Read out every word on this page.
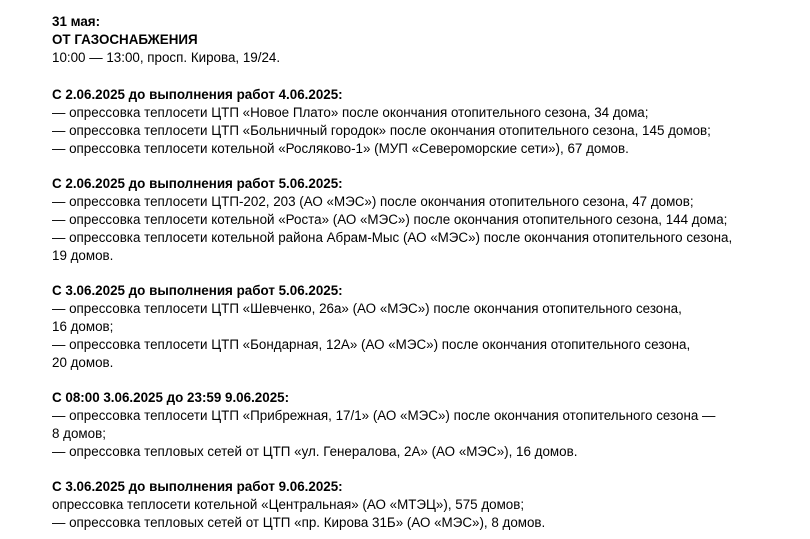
31 мая:
ОТ ГАЗОСНАБЖЕНИЯ
10:00 — 13:00, просп. Кирова, 19/24.
С 2.06.2025 до выполнения работ 4.06.2025:
— опрессовка теплосети ЦТП «Новое Плато» после окончания отопительного сезона, 34 дома;
— опрессовка теплосети ЦТП «Больничный городок» после окончания отопительного сезона, 145 домов;
— опрессовка теплосети котельной «Росляково-1» (МУП «Североморские сети»), 67 домов.
С 2.06.2025 до выполнения работ 5.06.2025:
— опрессовка теплосети ЦТП-202, 203 (АО «МЭС») после окончания отопительного сезона, 47 домов;
— опрессовка теплосети котельной «Роста» (АО «МЭС») после окончания отопительного сезона, 144 дома;
— опрессовка теплосети котельной района Абрам-Мыс (АО «МЭС») после окончания отопительного сезона,
19 домов.
С 3.06.2025 до выполнения работ 5.06.2025:
— опрессовка теплосети ЦТП «Шевченко, 26а» (АО «МЭС») после окончания отопительного сезона,
16 домов;
— опрессовка теплосети ЦТП «Бондарная, 12А» (АО «МЭС») после окончания отопительного сезона,
20 домов.
С 08:00 3.06.2025 до 23:59 9.06.2025:
— опрессовка теплосети ЦТП «Прибрежная, 17/1» (АО «МЭС») после окончания отопительного сезона —
8 домов;
— опрессовка тепловых сетей от ЦТП «ул. Генералова, 2А» (АО «МЭС»), 16 домов.
С 3.06.2025 до выполнения работ 9.06.2025:
опрессовка теплосети котельной «Центральная» (АО «МТЭЦ»), 575 домов;
— опрессовка тепловых сетей от ЦТП «пр. Кирова 31Б» (АО «МЭС»), 8 домов.
